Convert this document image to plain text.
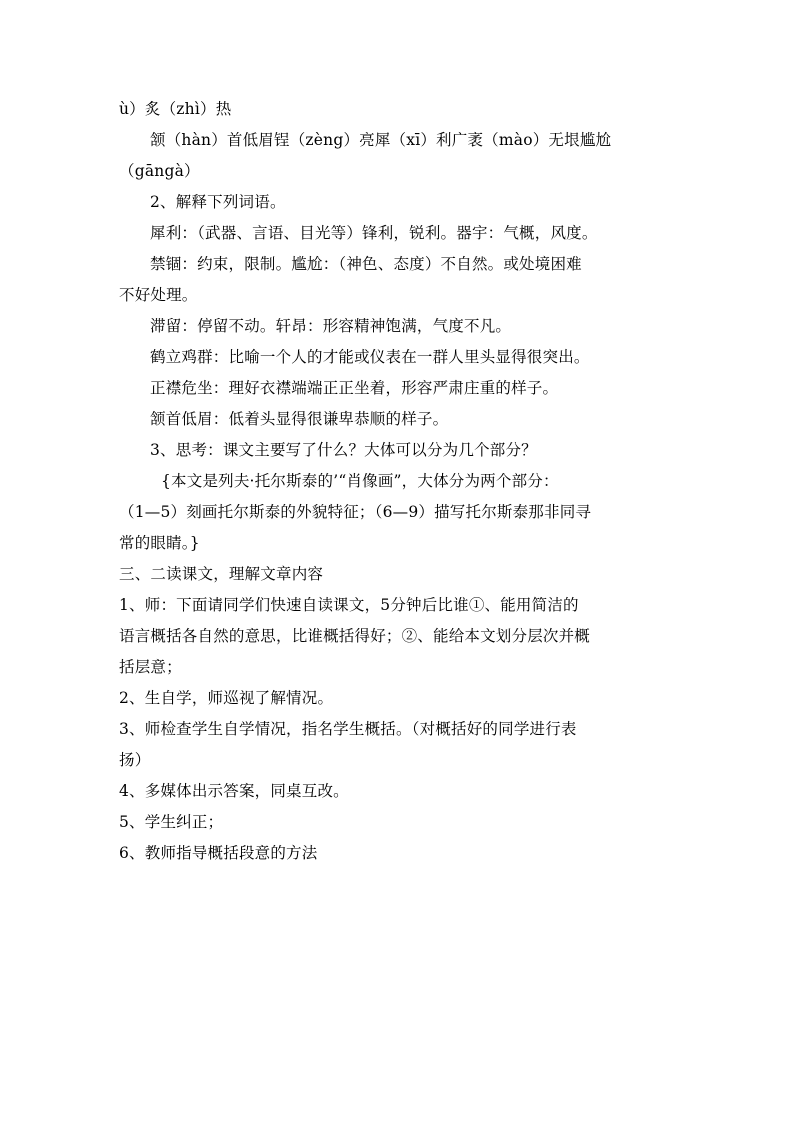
ù）炙（zhì）热
颔（hàn）首低眉锃（zèng）亮犀（xī）利广袤（mào）无垠尴尬
（gāngà）
2、解释下列词语。
犀利：（武器、言语、目光等）锋利，锐利。器宇：气概，风度。
禁锢：约束，限制。尴尬：（神色、态度）不自然。或处境困难
不好处理。
滞留：停留不动。轩昂：形容精神饱满，气度不凡。
鹤立鸡群：比喻一个人的才能或仪表在一群人里头显得很突出。
正襟危坐：理好衣襟端端正正坐着，形容严肃庄重的样子。
颔首低眉：低着头显得很谦卑恭顺的样子。
3、思考：课文主要写了什么？大体可以分为几个部分？
{本文是列夫·托尔斯泰的’“肖像画”，大体分为两个部分：
（1—5）刻画托尔斯泰的外貌特征；（6—9）描写托尔斯泰那非同寻
常的眼睛。}
三、二读课文，理解文章内容
1、师：下面请同学们快速自读课文，5分钟后比谁①、能用简洁的
语言概括各自然的意思，比谁概括得好；②、能给本文划分层次并概
括层意；
2、生自学，师巡视了解情况。
3、师检查学生自学情况，指名学生概括。（对概括好的同学进行表
扬）
4、多媒体出示答案，同桌互改。
5、学生纠正；
6、教师指导概括段意的方法
